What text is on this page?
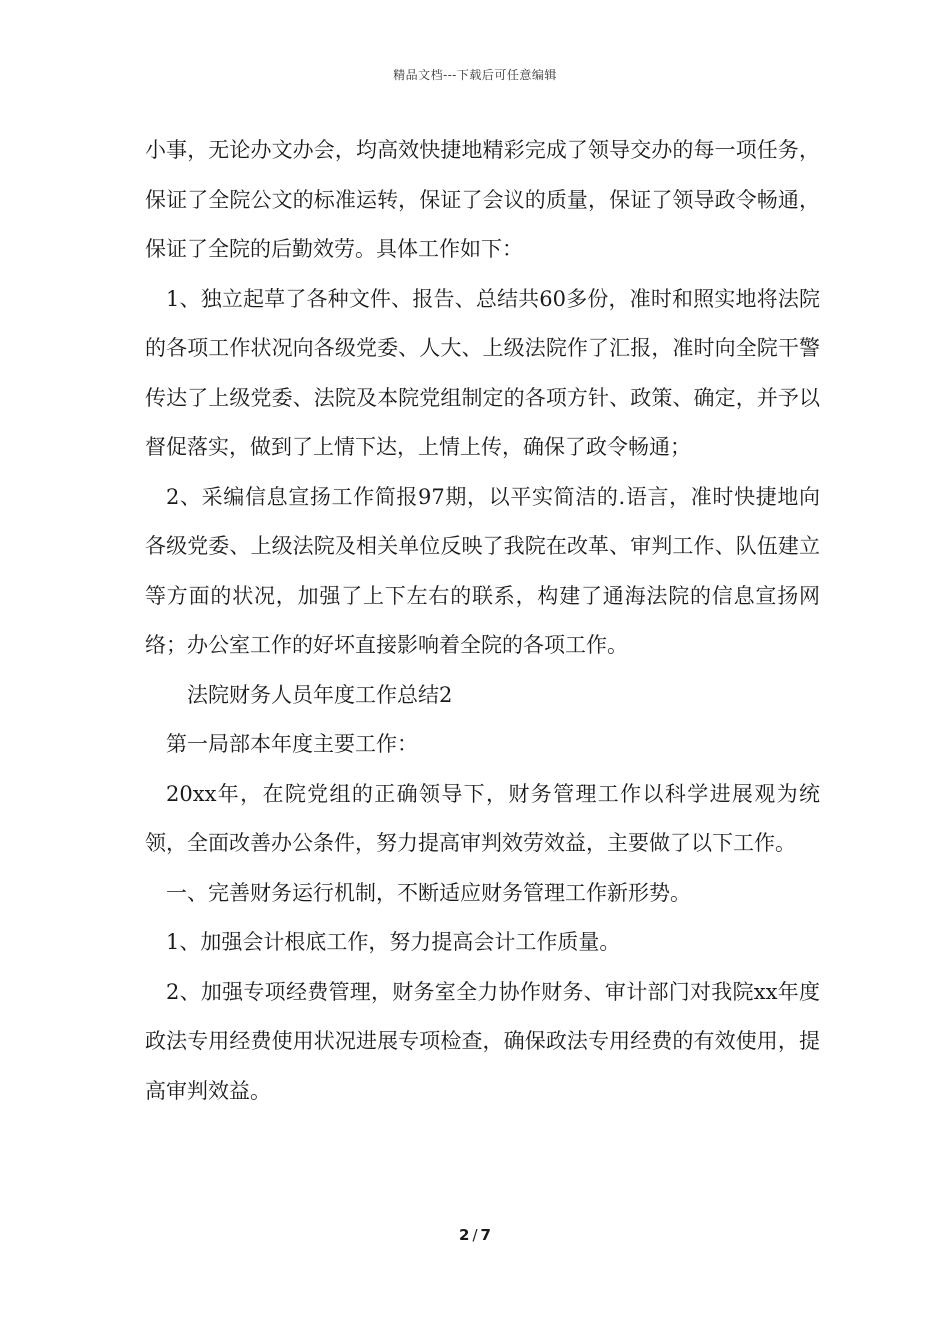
精品文档---下载后可任意编辑

小事，无论办文办会，均高效快捷地精彩完成了领导交办的每一项任务，保证了全院公文的标准运转，保证了会议的质量，保证了领导政令畅通，保证了全院的后勤效劳。具体工作如下：

1、独立起草了各种文件、报告、总结共60多份，准时和照实地将法院的各项工作状况向各级党委、人大、上级法院作了汇报，准时向全院干警传达了上级党委、法院及本院党组制定的各项方针、政策、确定，并予以督促落实，做到了上情下达，上情上传，确保了政令畅通；

2、采编信息宣扬工作简报97期，以平实简洁的.语言，准时快捷地向各级党委、上级法院及相关单位反映了我院在改革、审判工作、队伍建立等方面的状况，加强了上下左右的联系，构建了通海法院的信息宣扬网络；办公室工作的好坏直接影响着全院的各项工作。

法院财务人员年度工作总结2

第一局部本年度主要工作：

20xx年，在院党组的正确领导下，财务管理工作以科学进展观为统领，全面改善办公条件，努力提高审判效劳效益，主要做了以下工作。

一、完善财务运行机制，不断适应财务管理工作新形势。

1、加强会计根底工作，努力提高会计工作质量。

2、加强专项经费管理，财务室全力协作财务、审计部门对我院xx年度政法专用经费使用状况进展专项检查，确保政法专用经费的有效使用，提高审判效益。

2 / 7
